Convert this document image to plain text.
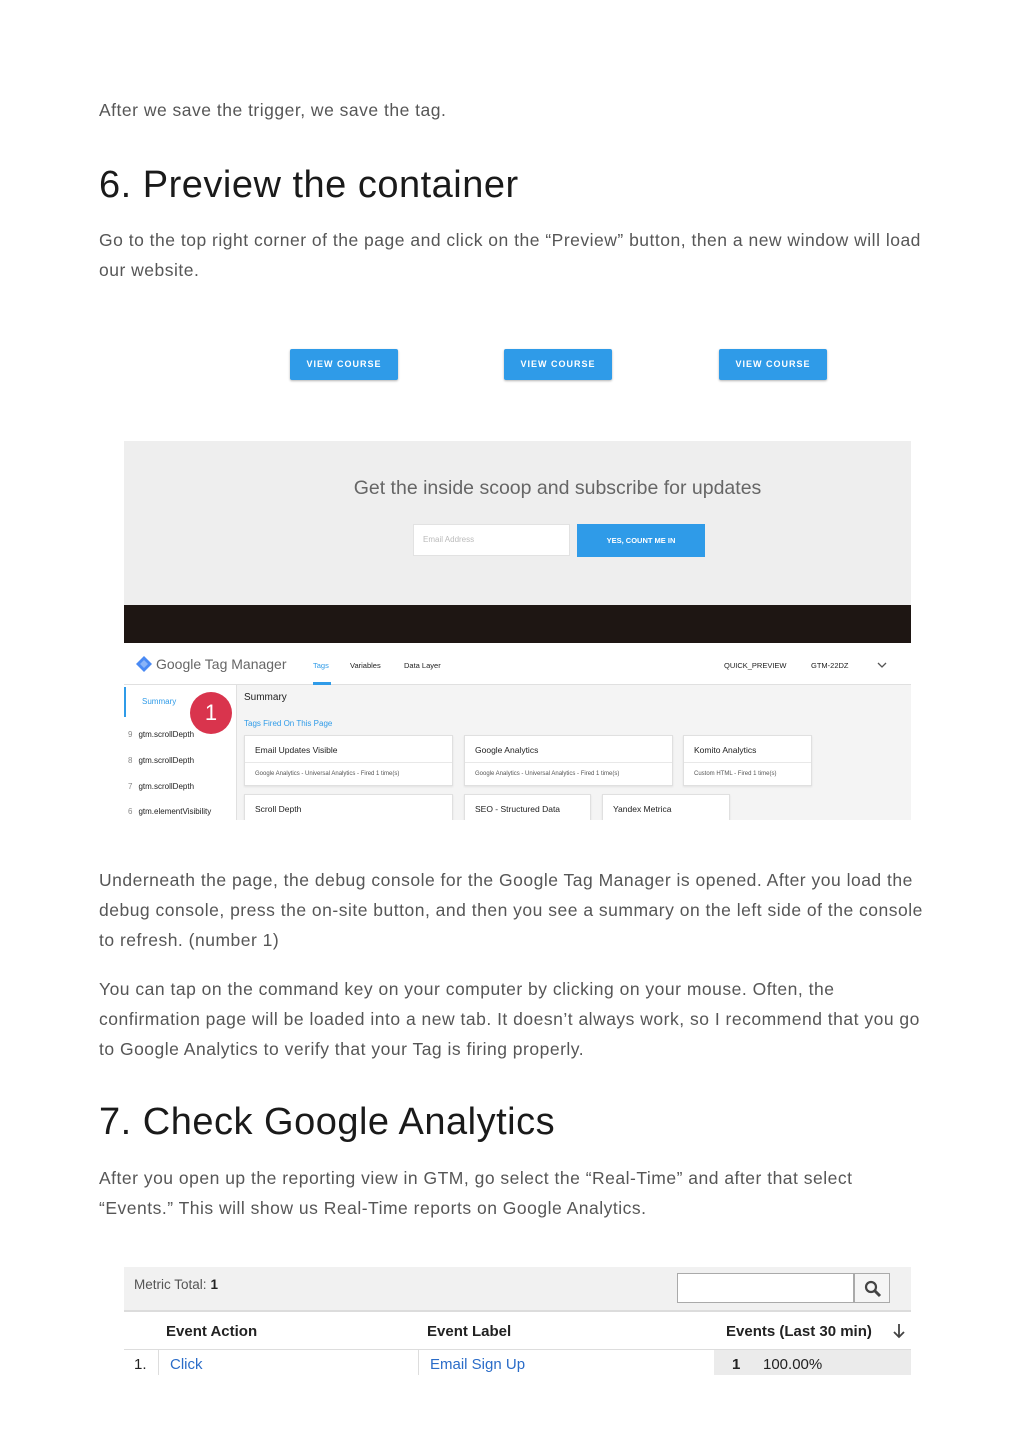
After we save the trigger, we save the tag.

6. Preview the container

Go to the top right corner of the page and click on the “Preview” button, then a new window will load our website.

VIEW COURSE	VIEW COURSE	VIEW COURSE
Get the inside scoop and subscribe for updates
Email Address	YES, COUNT ME IN
Google Tag Manager	Tags	Variables	Data Layer	QUICK_PREVIEW	GTM-22DZ
Summary
9 gtm.scrollDepth
8 gtm.scrollDepth
7 gtm.scrollDepth
6 gtm.elementVisibility
1
Summary
Tags Fired On This Page
Email Updates Visible
Google Analytics - Universal Analytics - Fired 1 time(s)
Google Analytics
Google Analytics - Universal Analytics - Fired 1 time(s)
Komito Analytics
Custom HTML - Fired 1 time(s)
Scroll Depth	SEO - Structured Data	Yandex Metrica

Underneath the page, the debug console for the Google Tag Manager is opened. After you load the debug console, press the on-site button, and then you see a summary on the left side of the console to refresh. (number 1)

You can tap on the command key on your computer by clicking on your mouse. Often, the confirmation page will be loaded into a new tab. It doesn’t always work, so I recommend that you go to Google Analytics to verify that your Tag is firing properly.

7. Check Google Analytics

After you open up the reporting view in GTM, go select the “Real-Time” and after that select “Events.” This will show us Real-Time reports on Google Analytics.

Metric Total: 1
Event Action	Event Label	Events (Last 30 min)
1. Click	Email Sign Up	1 100.00%
